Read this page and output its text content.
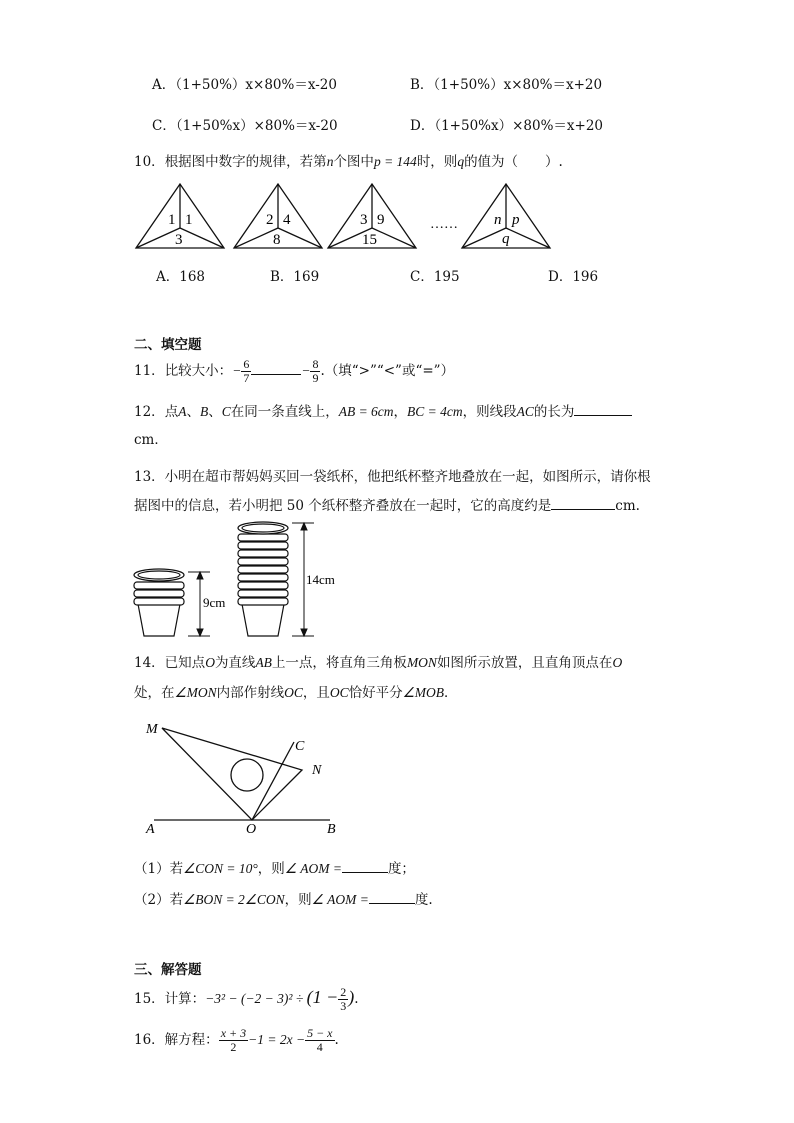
A．（1+50%）x×80%＝x-20	B．（1+50%）x×80%＝x+20
C．（1+50%x）×80%＝x-20	D．（1+50%x）×80%＝x+20
10．根据图中数字的规律，若第n个图中p = 144时，则q的值为（　　）.
1 1
3
2 4
8
3 9
15
…… n p
q
A．168	B．169	C．195	D．196
二、填空题
11．比较大小：− $\frac{6}{7}$	− $\frac{8}{9}$ .（填“>”“<”或“=”）
12．点A、B、C在同一条直线上，AB = 6cm，BC = 4cm，则线段AC的长为
cm．
13．小明在超市帮妈妈买回一袋纸杯，他把纸杯整齐地叠放在一起，如图所示，请你根
据图中的信息，若小明把 50 个纸杯整齐叠放在一起时，它的高度约是	cm.
9cm
14cm
14．已知点O为直线AB上一点，将直角三角板MON如图所示放置，且直角顶点在O
处，在∠MON内部作射线OC，且OC恰好平分∠MOB．
M
C
N
A	O	B
（1）若∠CON = 10°，则∠ AOM =	度；
（2）若∠BON = 2∠CON，则∠ AOM =	度.
三、解答题
15．计算：$-3^2 - (-2 - 3)^2 \div (1 - \frac{2}{3}$ ).
16．解方程： $\frac{x + 3}{2} -1 = 2x - \frac{5 - x}{4}$ .
